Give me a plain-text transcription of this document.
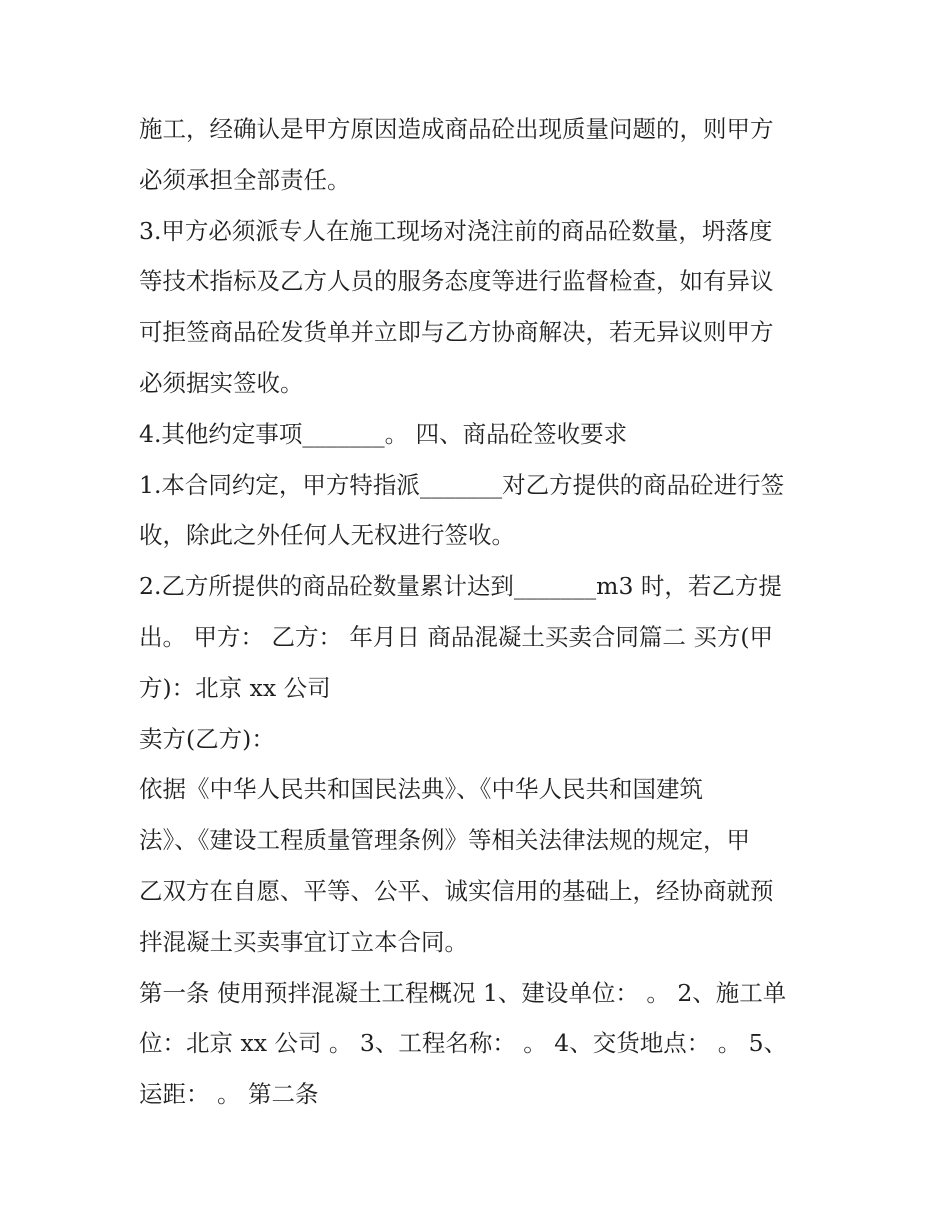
施工，经确认是甲方原因造成商品砼出现质量问题的，则甲方
必须承担全部责任。
3.甲方必须派专人在施工现场对浇注前的商品砼数量，坍落度
等技术指标及乙方人员的服务态度等进行监督检查，如有异议
可拒签商品砼发货单并立即与乙方协商解决，若无异议则甲方
必须据实签收。
4.其他约定事项_______。 四、商品砼签收要求
1.本合同约定，甲方特指派_______对乙方提供的商品砼进行签
收，除此之外任何人无权进行签收。
2.乙方所提供的商品砼数量累计达到_______m3 时，若乙方提
出。 甲方： 乙方： 年月日 商品混凝土买卖合同篇二 买方(甲
方)：北京 xx 公司
卖方(乙方)：
依据《中华人民共和国民法典》、《中华人民共和国建筑
法》、《建设工程质量管理条例》等相关法律法规的规定，甲
乙双方在自愿、平等、公平、诚实信用的基础上，经协商就预
拌混凝土买卖事宜订立本合同。
第一条 使用预拌混凝土工程概况 1、建设单位： 。 2、施工单
位：北京 xx 公司 。 3、工程名称： 。 4、交货地点： 。 5、
运距： 。 第二条
